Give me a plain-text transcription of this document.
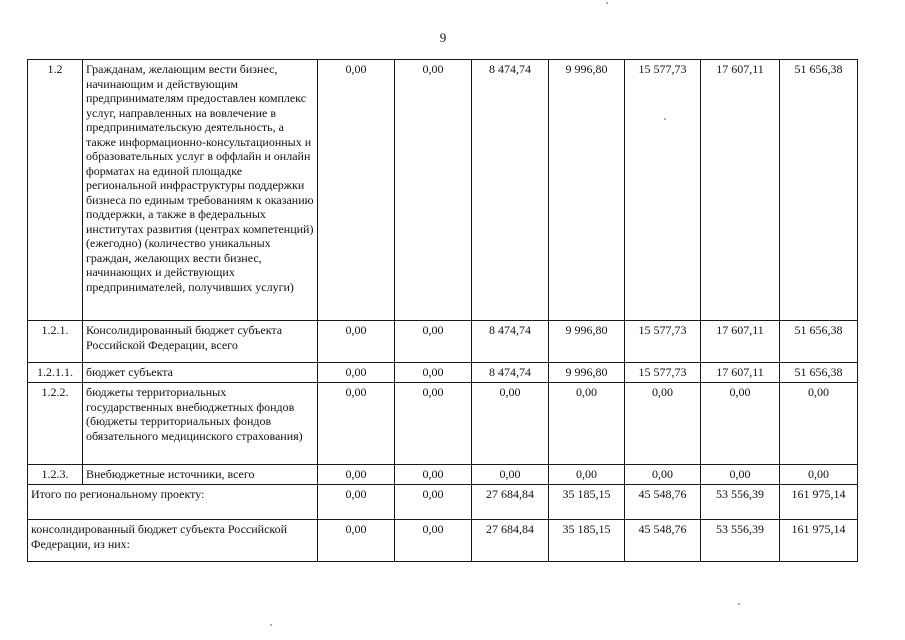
9
1.2	Гражданам, желающим вести бизнес, начинающим и действующим предпринимателям предоставлен комплекс услуг, направленных на вовлечение в предпринимательскую деятельность, а также информационно-консультационных и образовательных услуг в оффлайн и онлайн форматах на единой площадке региональной инфраструктуры поддержки бизнеса по единым требованиям к оказанию поддержки, а также в федеральных институтах развития (центрах компетенций) (ежегодно) (количество уникальных граждан, желающих вести бизнес, начинающих и действующих предпринимателей, получивших услуги)	0,00	0,00	8 474,74	9 996,80	15 577,73	17 607,11	51 656,38
1.2.1.	Консолидированный бюджет субъекта Российской Федерации, всего	0,00	0,00	8 474,74	9 996,80	15 577,73	17 607,11	51 656,38
1.2.1.1.	бюджет субъекта	0,00	0,00	8 474,74	9 996,80	15 577,73	17 607,11	51 656,38
1.2.2.	бюджеты территориальных государственных внебюджетных фондов (бюджеты территориальных фондов обязательного медицинского страхования)	0,00	0,00	0,00	0,00	0,00	0,00	0,00
1.2.3.	Внебюджетные источники, всего	0,00	0,00	0,00	0,00	0,00	0,00	0,00
Итого по региональному проекту:		0,00	0,00	27 684,84	35 185,15	45 548,76	53 556,39	161 975,14
консолидированный бюджет субъекта Российской Федерации, из них:		0,00	0,00	27 684,84	35 185,15	45 548,76	53 556,39	161 975,14
